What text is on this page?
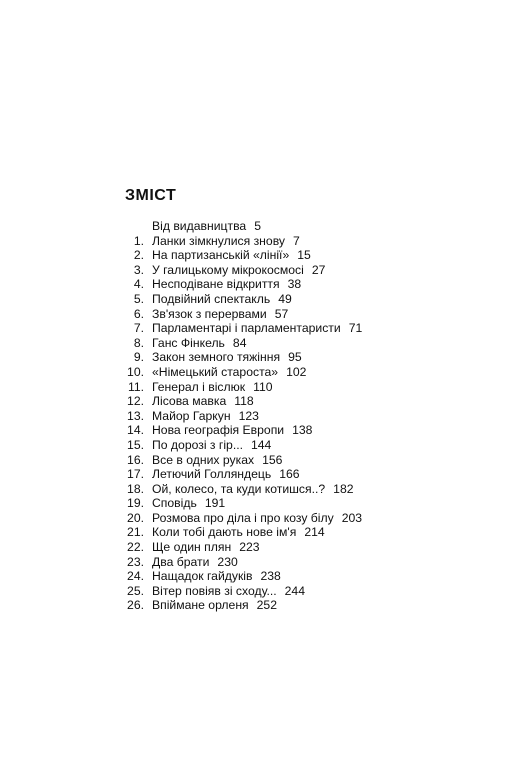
ЗМІСТ
Від видавництва 5
1. Ланки зімкнулися знову 7
2. На партизанській «лінії» 15
3. У галицькому мікрокосмосі 27
4. Несподіване відкриття 38
5. Подвійний спектакль 49
6. Зв'язок з перервами 57
7. Парламентарі і парламентаристи 71
8. Ганс Фінкель 84
9. Закон земного тяжіння 95
10. «Німецький староста» 102
11. Генерал і віслюк 110
12. Лісова мавка 118
13. Майор Гаркун 123
14. Нова географія Европи 138
15. По дорозі з гір... 144
16. Все в одних руках 156
17. Летючий Голляндець 166
18. Ой, колесо, та куди котишся..? 182
19. Сповідь 191
20. Розмова про діла і про козу білу 203
21. Коли тобі дають нове ім'я 214
22. Ще один плян 223
23. Два брати 230
24. Нащадок гайдуків 238
25. Вітер повіяв зі сходу... 244
26. Впіймане орленя 252
